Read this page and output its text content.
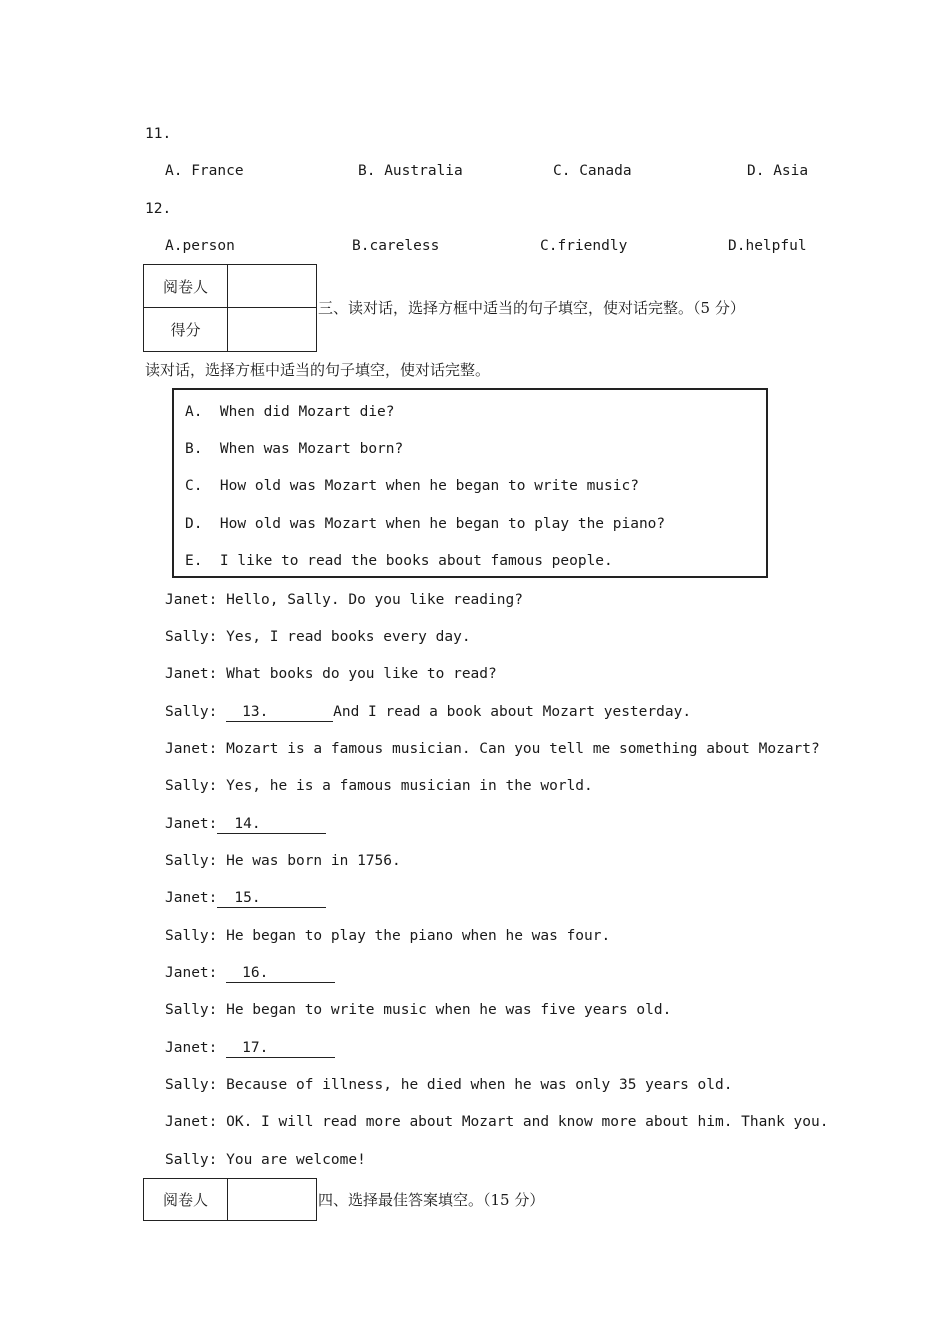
11.
A. France	B. Australia	C. Canada	D. Asia
12.
A.person	B.careless	C.friendly	D.helpful
阅卷人	
得分	
三、读对话，选择方框中适当的句子填空，使对话完整。（5 分）
读对话，选择方框中适当的句子填空，使对话完整。
A.  When did Mozart die?
B.  When was Mozart born?
C.  How old was Mozart when he began to write music?
D.  How old was Mozart when he began to play the piano?
E.  I like to read the books about famous people.
Janet: Hello, Sally. Do you like reading?
Sally: Yes, I read books every day.
Janet: What books do you like to read?
Sally: 13.	And I read a book about Mozart yesterday.
Janet: Mozart is a famous musician. Can you tell me something about Mozart?
Sally: Yes, he is a famous musician in the world.
Janet: 14.
Sally: He was born in 1756.
Janet: 15.
Sally: He began to play the piano when he was four.
Janet: 16.
Sally: He began to write music when he was five years old.
Janet: 17.
Sally: Because of illness, he died when he was only 35 years old.
Janet: OK. I will read more about Mozart and know more about him. Thank you.
Sally: You are welcome!
阅卷人		四、选择最佳答案填空。（15 分）
